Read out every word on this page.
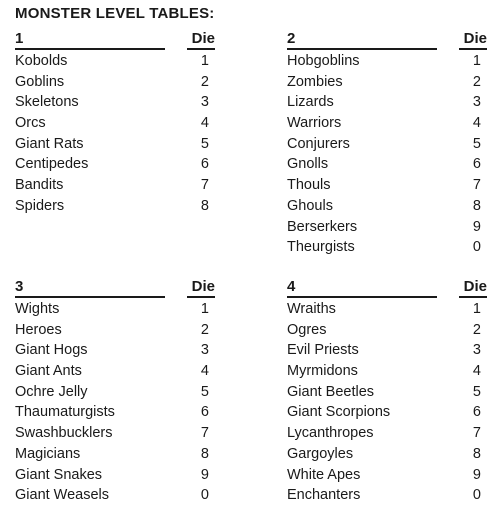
MONSTER LEVEL TABLES:
1	Die
Kobolds	1
Goblins	2
Skeletons	3
Orcs	4
Giant Rats	5
Centipedes	6
Bandits	7
Spiders	8
2	Die
Hobgoblins	1
Zombies	2
Lizards	3
Warriors	4
Conjurers	5
Gnolls	6
Thouls	7
Ghouls	8
Berserkers	9
Theurgists	0
3	Die
Wights	1
Heroes	2
Giant Hogs	3
Giant Ants	4
Ochre Jelly	5
Thaumaturgists	6
Swashbucklers	7
Magicians	8
Giant Snakes	9
Giant Weasels	0
4	Die
Wraiths	1
Ogres	2
Evil Priests	3
Myrmidons	4
Giant Beetles	5
Giant Scorpions	6
Lycanthropes	7
Gargoyles	8
White Apes	9
Enchanters	0
